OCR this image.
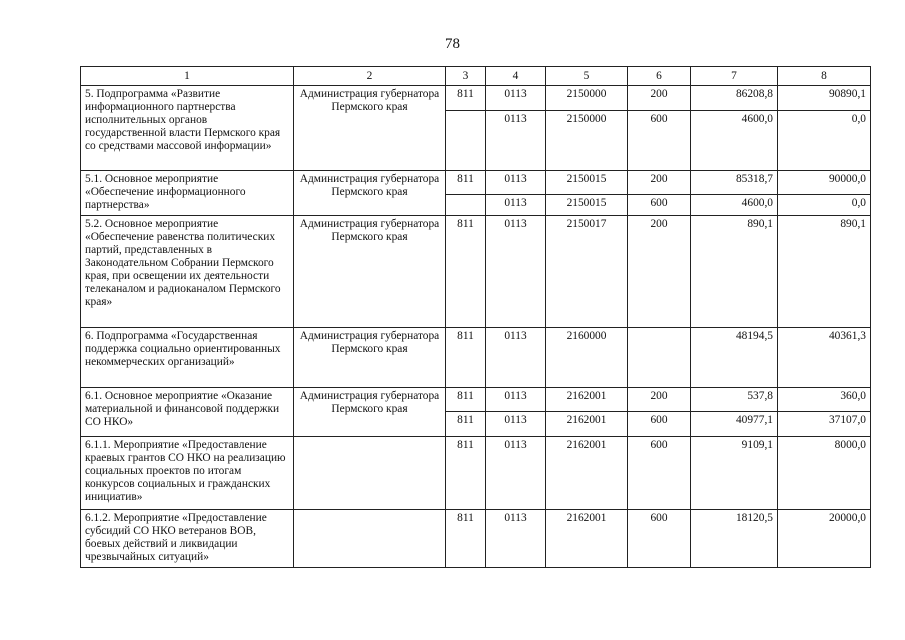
78
1	2	3	4	5	6	7	8
5. Подпрограмма «Развитие информационного партнерства исполнительных органов государственной власти Пермского края со средствами массовой информации»	Администрация губернатора Пермского края	811	0113	2150000	200	86208,8	90890,1
			0113	2150000	600	4600,0	0,0
5.1. Основное мероприятие «Обеспечение информационного партнерства»	Администрация губернатора Пермского края	811	0113	2150015	200	85318,7	90000,0
			0113	2150015	600	4600,0	0,0
5.2. Основное мероприятие «Обеспечение равенства политических партий, представленных в Законодательном Собрании Пермского края, при освещении их деятельности телеканалом и радиоканалом Пермского края»	Администрация губернатора Пермского края	811	0113	2150017	200	890,1	890,1
6. Подпрограмма «Государственная поддержка социально ориентированных некоммерческих организаций»	Администрация губернатора Пермского края	811	0113	2160000		48194,5	40361,3
6.1. Основное мероприятие «Оказание материальной и финансовой поддержки СО НКО»	Администрация губернатора Пермского края	811	0113	2162001	200	537,8	360,0
		811	0113	2162001	600	40977,1	37107,0
6.1.1. Мероприятие «Предоставление краевых грантов СО НКО на реализацию социальных проектов по итогам конкурсов социальных и гражданских инициатив»		811	0113	2162001	600	9109,1	8000,0
6.1.2. Мероприятие «Предоставление субсидий СО НКО ветеранов ВОВ, боевых действий и ликвидации чрезвычайных ситуаций»		811	0113	2162001	600	18120,5	20000,0
